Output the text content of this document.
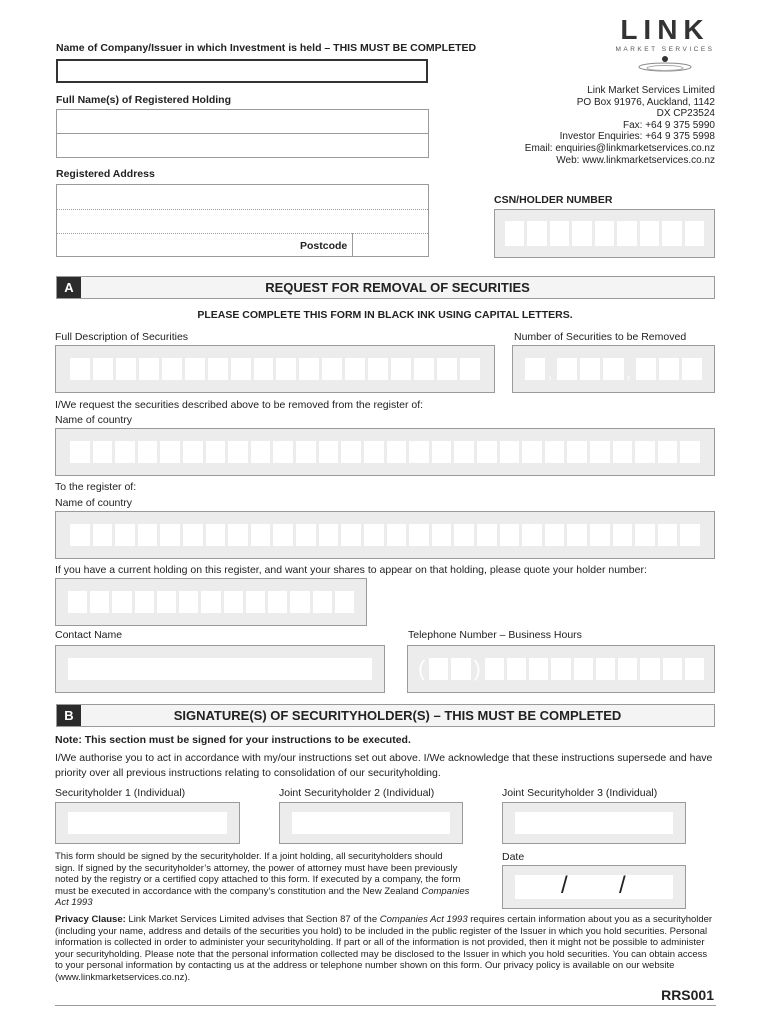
LINK
MARKET SERVICES
Name of Company/Issuer in which Investment is held – THIS MUST BE COMPLETED
Full Name(s) of Registered Holding
Registered Address
Postcode
Link Market Services Limited
PO Box 91976, Auckland, 1142
DX CP23524
Fax: +64 9 375 5990
Investor Enquiries: +64 9 375 5998
Email: enquiries@linkmarketservices.co.nz
Web: www.linkmarketservices.co.nz
CSN/HOLDER NUMBER
A	REQUEST FOR REMOVAL OF SECURITIES
PLEASE COMPLETE THIS FORM IN BLACK INK USING CAPITAL LETTERS.
Full Description of Securities	Number of Securities to be Removed
,	,
I/We request the securities described above to be removed from the register of:
Name of country
To the register of:
Name of country
If you have a current holding on this register, and want your shares to appear on that holding, please quote your holder number:
Contact Name	Telephone Number – Business Hours
( )
B	SIGNATURE(S) OF SECURITYHOLDER(S) – THIS MUST BE COMPLETED
Note: This section must be signed for your instructions to be executed.
I/We authorise you to act in accordance with my/our instructions set out above. I/We acknowledge that these instructions supersede and have
priority over all previous instructions relating to consolidation of our securityholding.
Securityholder 1 (Individual)	Joint Securityholder 2 (Individual)	Joint Securityholder 3 (Individual)
This form should be signed by the securityholder. If a joint holding, all securityholders should
sign. If signed by the securityholder’s attorney, the power of attorney must have been previously
noted by the registry or a certified copy attached to this form. If executed by a company, the form
must be executed in accordance with the company’s constitution and the New Zealand Companies
Act 1993
Date
/ /
Privacy Clause: Link Market Services Limited advises that Section 87 of the Companies Act 1993 requires certain information about you as a securityholder
(including your name, address and details of the securities you hold) to be included in the public register of the Issuer in which you hold securities. Personal
information is collected in order to administer your securityholding. If part or all of the information is not provided, then it might not be possible to administer
your securityholding. Please note that the personal information collected may be disclosed to the Issuer in which you hold securities. You can obtain access
to your personal information by contacting us at the address or telephone number shown on this form. Our privacy policy is available on our website
(www.linkmarketservices.co.nz).
RRS001
